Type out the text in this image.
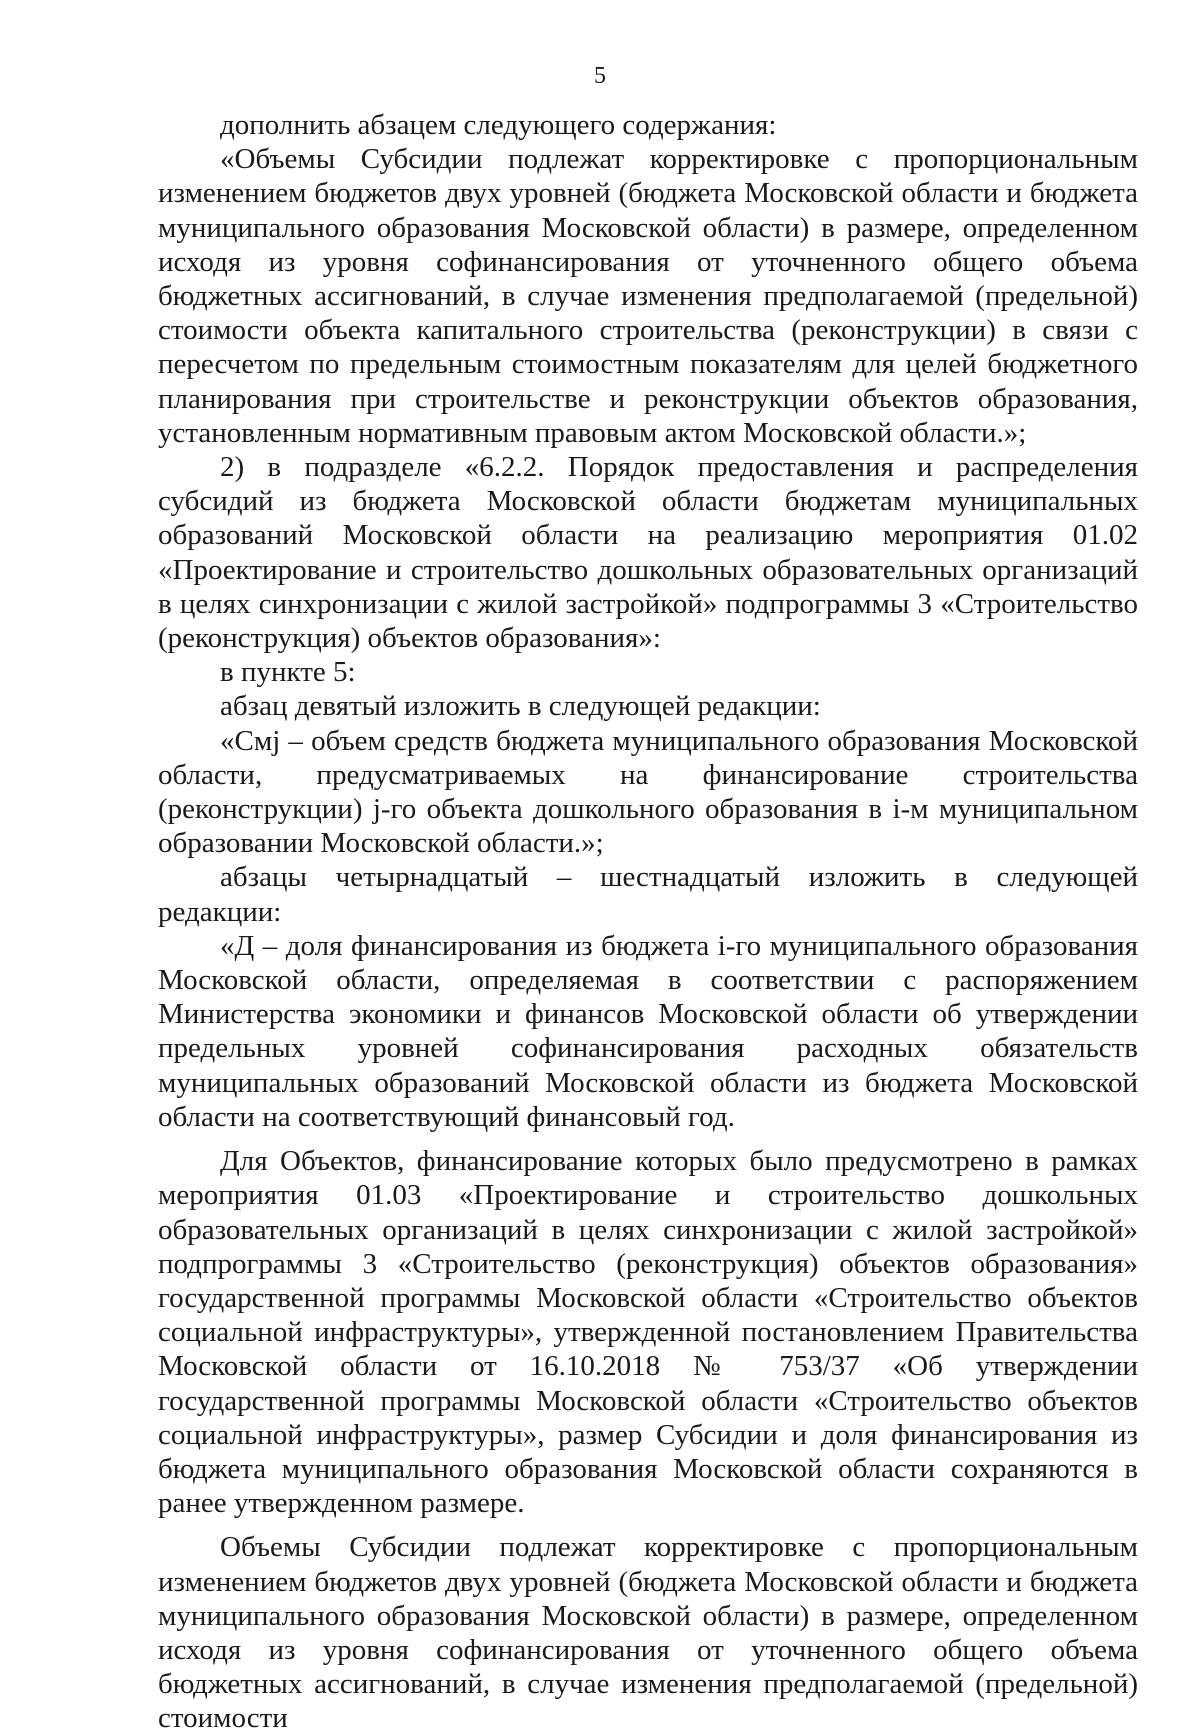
5

дополнить абзацем следующего содержания:

«Объемы Субсидии подлежат корректировке с пропорциональным изменением бюджетов двух уровней (бюджета Московской области и бюджета муниципального образования Московской области) в размере, определенном исходя из уровня софинансирования от уточненного общего объема бюджетных ассигнований, в случае изменения предполагаемой (предельной) стоимости объекта капитального строительства (реконструкции) в связи с пересчетом по предельным стоимостным показателям для целей бюджетного планирования при строительстве и реконструкции объектов образования, установленным нормативным правовым актом Московской области.»;

2) в подразделе «6.2.2. Порядок предоставления и распределения субсидий из бюджета Московской области бюджетам муниципальных образований Московской области на реализацию мероприятия 01.02 «Проектирование и строительство дошкольных образовательных организаций в целях синхронизации с жилой застройкой» подпрограммы 3 «Строительство (реконструкция) объектов образования»:

в пункте 5:

абзац девятый изложить в следующей редакции:

«Смj – объем средств бюджета муниципального образования Московской области, предусматриваемых на финансирование строительства (реконструкции) j-го объекта дошкольного образования в i-м муниципальном образовании Московской области.»;

абзацы четырнадцатый – шестнадцатый изложить в следующей редакции:

«Д – доля финансирования из бюджета i-го муниципального образования Московской области, определяемая в соответствии с распоряжением Министерства экономики и финансов Московской области об утверждении предельных уровней софинансирования расходных обязательств муниципальных образований Московской области из бюджета Московской области на соответствующий финансовый год.

Для Объектов, финансирование которых было предусмотрено в рамках мероприятия 01.03 «Проектирование и строительство дошкольных образовательных организаций в целях синхронизации с жилой застройкой» подпрограммы 3 «Строительство (реконструкция) объектов образования» государственной программы Московской области «Строительство объектов социальной инфраструктуры», утвержденной постановлением Правительства Московской области от 16.10.2018 № 753/37 «Об утверждении государственной программы Московской области «Строительство объектов социальной инфраструктуры», размер Субсидии и доля финансирования из бюджета муниципального образования Московской области сохраняются в ранее утвержденном размере.

Объемы Субсидии подлежат корректировке с пропорциональным изменением бюджетов двух уровней (бюджета Московской области и бюджета муниципального образования Московской области) в размере, определенном исходя из уровня софинансирования от уточненного общего объема бюджетных ассигнований, в случае изменения предполагаемой (предельной) стоимости
